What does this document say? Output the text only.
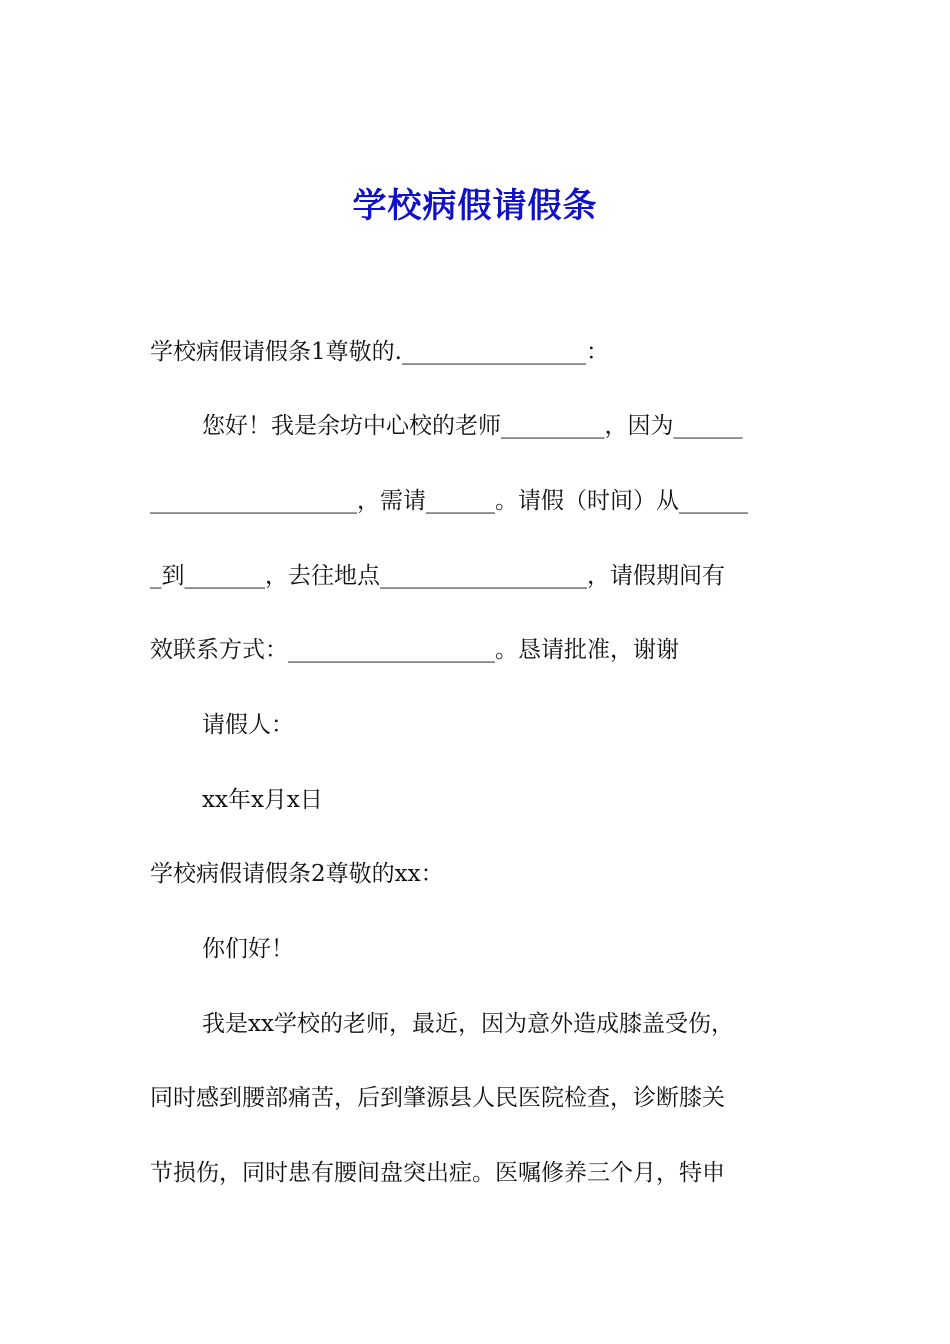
学校病假请假条

学校病假请假条1尊敬的.________________：

您好！我是余坊中心校的老师_________，因为______

__________________，需请______。请假（时间）从______

_到_______，去往地点__________________，请假期间有

效联系方式：__________________。恳请批准，谢谢

请假人：

xx年x月x日

学校病假请假条2尊敬的xx：

你们好！

我是xx学校的老师，最近，因为意外造成膝盖受伤，

同时感到腰部痛苦，后到肇源县人民医院检查，诊断膝关

节损伤，同时患有腰间盘突出症。医嘱修养三个月，特申
